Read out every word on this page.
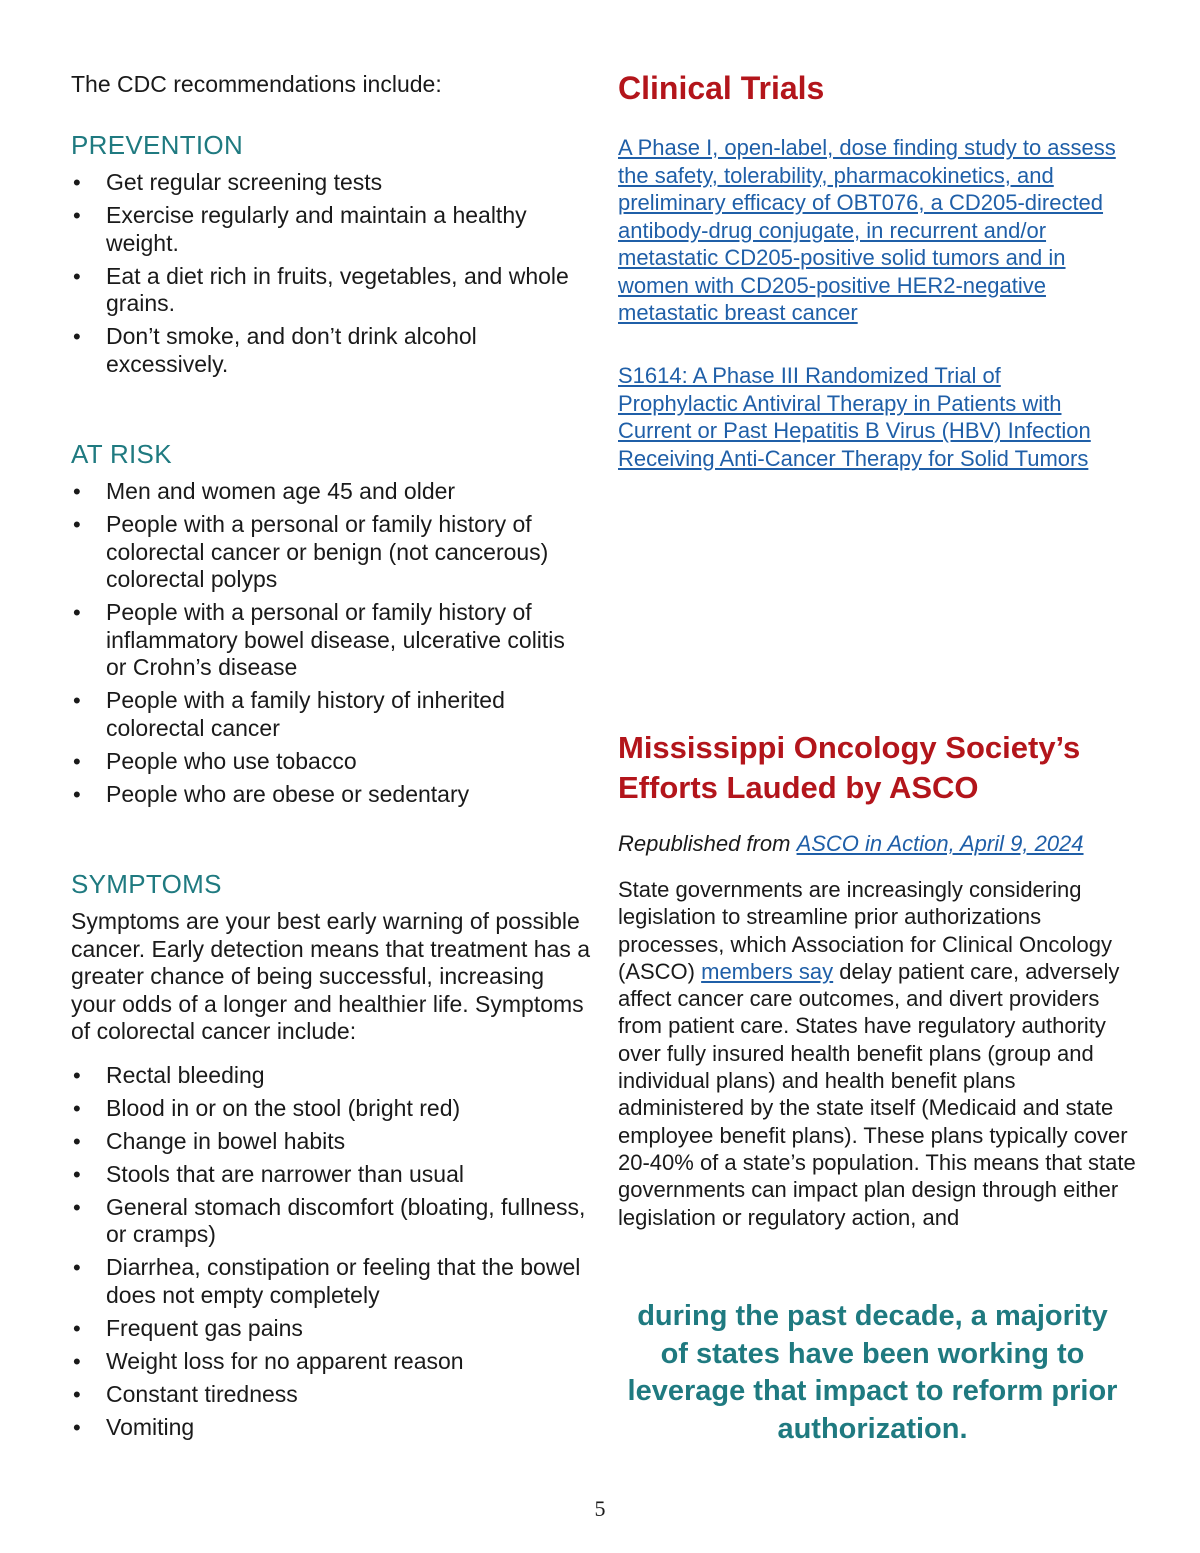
The CDC recommendations include:

PREVENTION
• Get regular screening tests
• Exercise regularly and maintain a healthy weight.
• Eat a diet rich in fruits, vegetables, and whole grains.
• Don’t smoke, and don’t drink alcohol excessively.
AT RISK
• Men and women age 45 and older
• People with a personal or family history of colorectal cancer or benign (not cancerous) colorectal polyps
• People with a personal or family history of inflammatory bowel disease, ulcerative colitis or Crohn’s disease
• People with a family history of inherited colorectal cancer
• People who use tobacco
• People who are obese or sedentary
SYMPTOMS

Symptoms are your best early warning of possible cancer. Early detection means that treatment has a greater chance of being successful, increasing your odds of a longer and healthier life. Symptoms of colorectal cancer include:

• Rectal bleeding
• Blood in or on the stool (bright red)
• Change in bowel habits
• Stools that are narrower than usual
• General stomach discomfort (bloating, fullness, or cramps)
• Diarrhea, constipation or feeling that the bowel does not empty completely
• Frequent gas pains
• Weight loss for no apparent reason
• Constant tiredness
• Vomiting
Clinical Trials
A Phase I, open-label, dose finding study to assess the safety, tolerability, pharmacokinetics, and preliminary efficacy of OBT076, a CD205-directed antibody-drug conjugate, in recurrent and/or metastatic CD205-positive solid tumors and in women with CD205-positive HER2-negative metastatic breast cancer
S1614: A Phase III Randomized Trial of Prophylactic Antiviral Therapy in Patients with Current or Past Hepatitis B Virus (HBV) Infection Receiving Anti-Cancer Therapy for Solid Tumors
Mississippi Oncology Society’s Efforts Lauded by ASCO

Republished from ASCO in Action, April 9, 2024

State governments are increasingly considering legislation to streamline prior authorizations processes, which Association for Clinical Oncology (ASCO) members say delay patient care, adversely affect cancer care outcomes, and divert providers from patient care. States have regulatory authority over fully insured health benefit plans (group and individual plans) and health benefit plans administered by the state itself (Medicaid and state employee benefit plans). These plans typically cover 20-40% of a state’s population. This means that state governments can impact plan design through either legislation or regulatory action, and

during the past decade, a majority of states have been working to leverage that impact to reform prior authorization.

5
